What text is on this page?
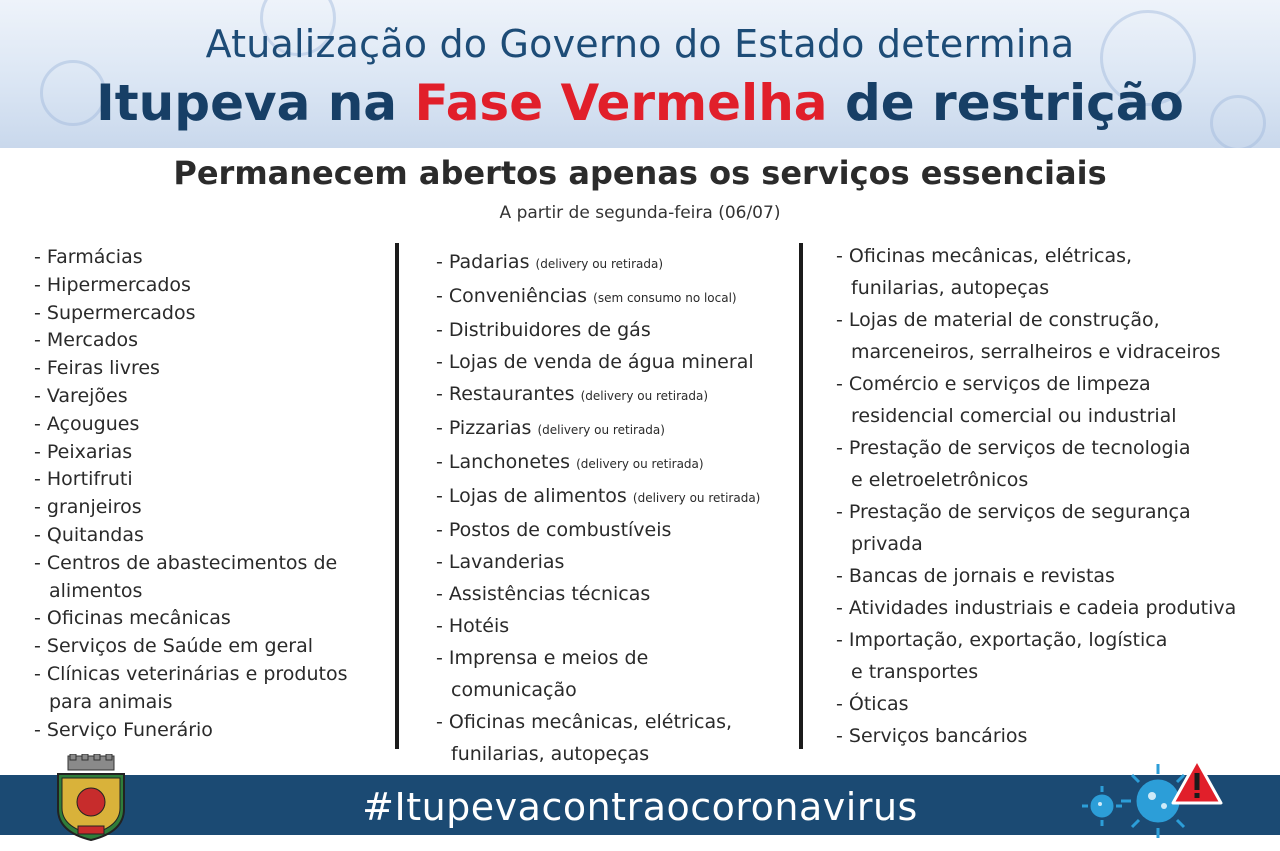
Atualização do Governo do Estado determina
Itupeva na Fase Vermelha de restrição
Permanecem abertos apenas os serviços essenciais
A partir de segunda-feira (06/07)
- Farmácias
- Hipermercados
- Supermercados
- Mercados
- Feiras livres
- Varejões
- Açougues
- Peixarias
- Hortifruti
- granjeiros
- Quitandas
- Centros de abastecimentos de
alimentos
- Oficinas mecânicas
- Serviços de Saúde em geral
- Clínicas veterinárias e produtos
para animais
- Serviço Funerário
- Padarias (delivery ou retirada)
- Conveniências (sem consumo no local)
- Distribuidores de gás
- Lojas de venda de água mineral
- Restaurantes (delivery ou retirada)
- Pizzarias (delivery ou retirada)
- Lanchonetes (delivery ou retirada)
- Lojas de alimentos (delivery ou retirada)
- Postos de combustíveis
- Lavanderias
- Assistências técnicas
- Hotéis
- Imprensa e meios de
comunicação
- Oficinas mecânicas, elétricas,
funilarias, autopeças
- Oficinas mecânicas, elétricas,
funilarias, autopeças
- Lojas de material de construção,
marceneiros, serralheiros e vidraceiros
- Comércio e serviços de limpeza
residencial comercial ou industrial
- Prestação de serviços de tecnologia
e eletroeletrônicos
- Prestação de serviços de segurança
privada
- Bancas de jornais e revistas
- Atividades industriais e cadeia produtiva
- Importação, exportação, logística
e transportes
- Óticas
- Serviços bancários
#Itupevacontraocoronavirus
